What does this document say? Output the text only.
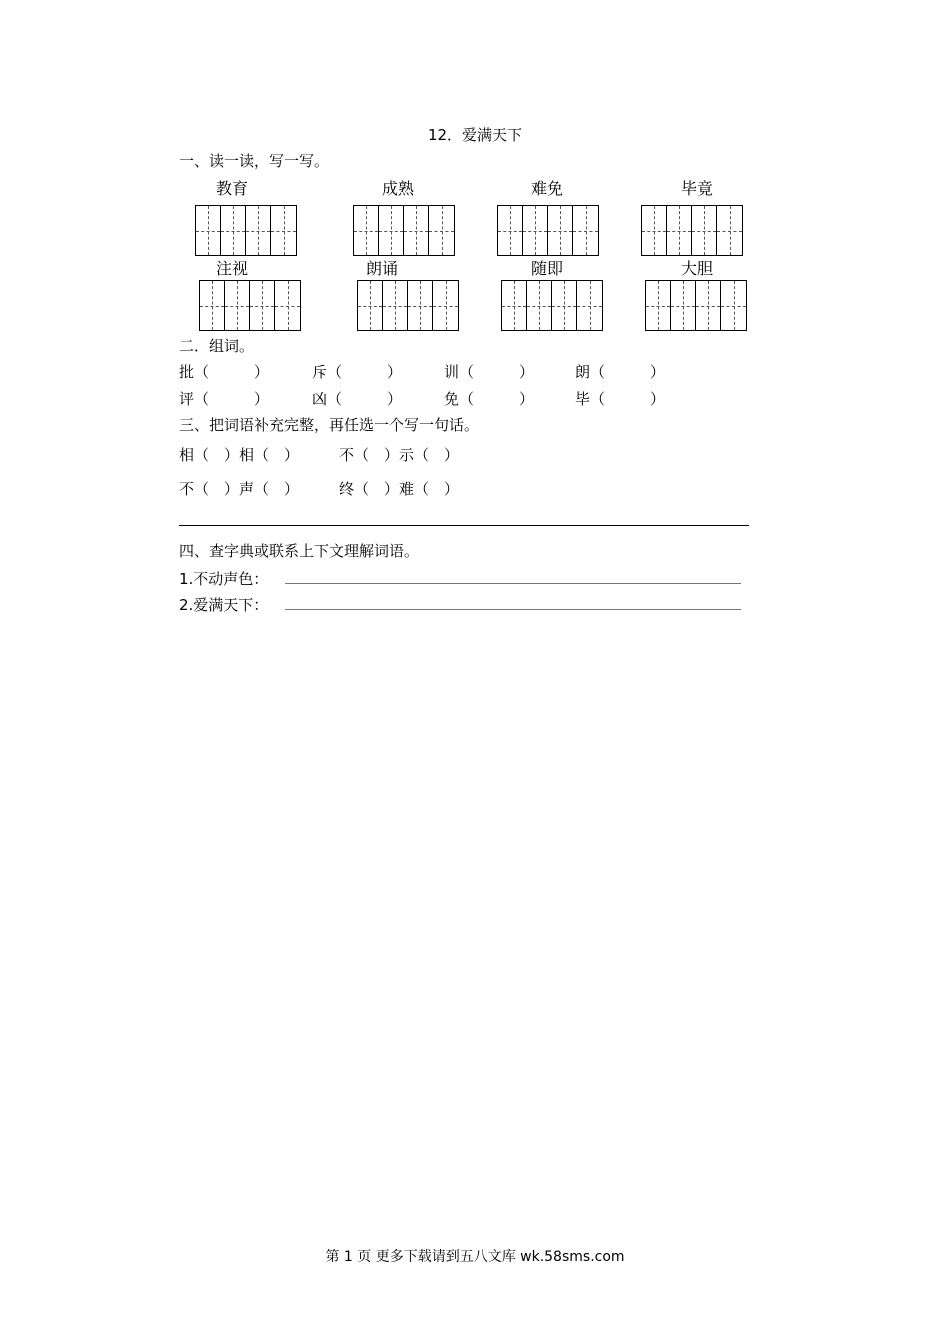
12．爱满天下
一、读一读，写一写。
教育	成熟	难免	毕竟
注视	朗诵	随即	大胆
二．组词。
批（　　　）	斥（　　　）	训（　　　）	朗（　　　）
评（　　　）	凶（　　　）	免（　　　）	毕（　　　）
三、把词语补充完整，再任选一个写一句话。
相（　）相（　）	不（　）示（　）
不（　）声（　）	终（　）难（　）
四、查字典或联系上下文理解词语。
1.不动声色：
2.爱满天下：
第 1 页 更多下载请到五八文库 wk.58sms.com
